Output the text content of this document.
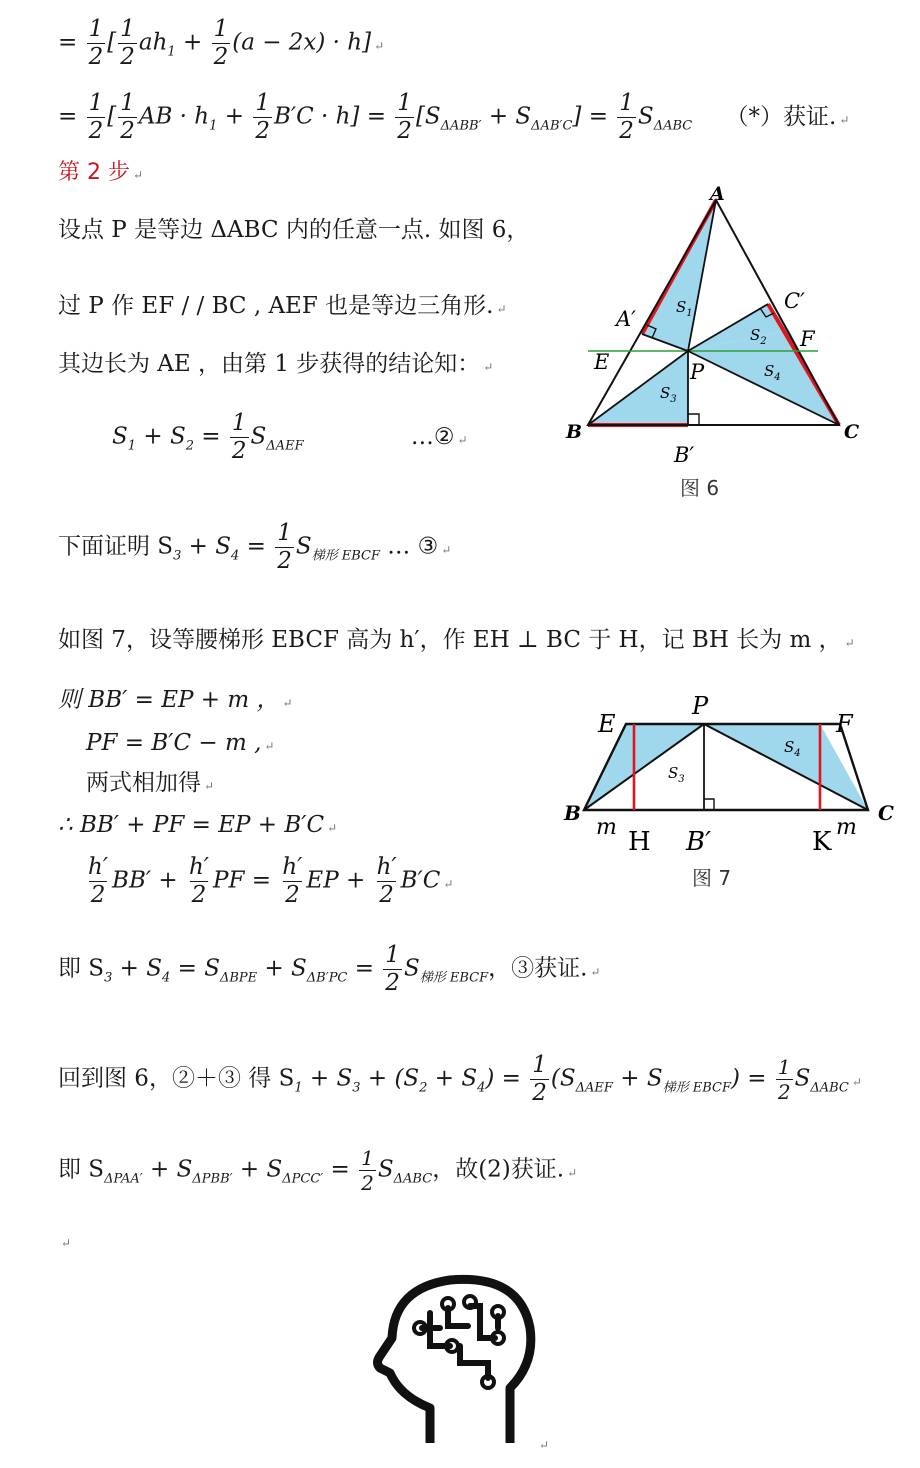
= $\frac{1}{2}$ [ $\frac{1}{2} ah_1 + \frac{1}{2} (a - 2x) \cdot h$] ↵
= $\frac{1}{2}$ [ $\frac{1}{2}$ AB · $h_1 + \frac{1}{2} B'C \cdot h] = \frac{1}{2} [S_{\Delta ABB'} + S_{\Delta AB'C}] = \frac{1}{2} S_{\Delta ABC}$ （*）获证. ↵
第 2 步 ↵
设点 P 是等边 ΔABC 内的任意一点. 如图 6，
过 P 作 EF / / BC , AEF 也是等边三角形. ↵
其边长为 AE ，由第 1 步获得的结论知： ↵
$S_1 + S_2 = \frac{1}{2} S_{\Delta AEF}$	…② ↵
下面证明 $S_3 + S_4 = \frac{1}{2} S_{梯形 EBCF}$ … ③ ↵
如图 7，设等腰梯形 EBCF 高为 h′，作 EH ⊥ BC 于 H，记 BH 长为 m ， ↵
则 BB′ = EP + m ， ↵
PF = B′C − m , ↵
两式相加得 ↵
∴ BB′ + PF = EP + B′C ↵
$\frac{h'}{2} BB' + \frac{h'}{2}$ PF = $\frac{h'}{2}$ EP + $\frac{h'}{2} B'C$ ↵
即 $S_3 + S_4 = S_{\Delta BPE} + S_{\Delta B'PC} = \frac{1}{2} S_{梯形 EBCF}$，③获证. ↵
回到图 6，②＋③ 得 $S_1 + S_3 + (S_2 + S_4) = \frac{1}{2} (S_{\Delta AEF} + S_{梯形 EBCF}) = \frac{1}{2} S_{\Delta ABC}$ ↵
即 $S_{\Delta PAA'} + S_{\Delta PBB'} + S_{\Delta PCC'} = \frac{1}{2} S_{\Delta ABC}$，故(2)获证. ↵
↵
A
B	C
A′
C′
B′
E
F
P
$S_1$
$S_2$
$S_3$
$S_4$
图 6
E
P
F
B	C
H	K
B′
m	m
$S_3$
$S_4$
图 7
↵
